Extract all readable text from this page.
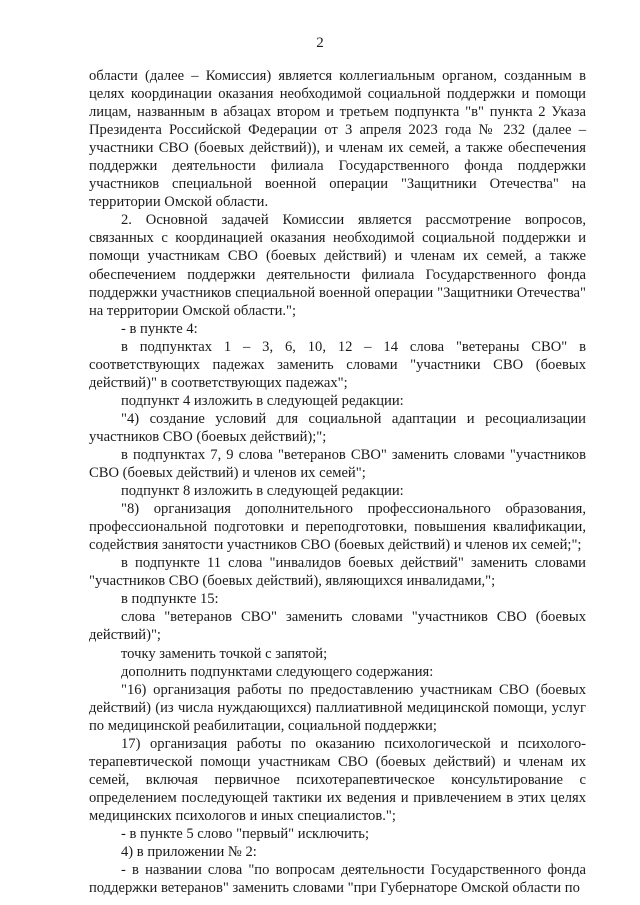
2

области (далее – Комиссия) является коллегиальным органом, созданным в целях координации оказания необходимой социальной поддержки и помощи лицам, названным в абзацах втором и третьем подпункта "в" пункта 2 Указа Президента Российской Федерации от 3 апреля 2023 года № 232 (далее – участники СВО (боевых действий)), и членам их семей, а также обеспечения поддержки деятельности филиала Государственного фонда поддержки участников специальной военной операции "Защитники Отечества" на территории Омской области.

2. Основной задачей Комиссии является рассмотрение вопросов, связанных с координацией оказания необходимой социальной поддержки и помощи участникам СВО (боевых действий) и членам их семей, а также обеспечением поддержки деятельности филиала Государственного фонда поддержки участников специальной военной операции "Защитники Отечества" на территории Омской области.";

- в пункте 4:

в подпунктах 1 – 3, 6, 10, 12 – 14 слова "ветераны СВО" в соответствующих падежах заменить словами "участники СВО (боевых действий)" в соответствующих падежах";

подпункт 4 изложить в следующей редакции:

"4) создание условий для социальной адаптации и ресоциализации участников СВО (боевых действий);";

в подпунктах 7, 9 слова "ветеранов СВО" заменить словами "участников СВО (боевых действий) и членов их семей";

подпункт 8 изложить в следующей редакции:

"8) организация дополнительного профессионального образования, профессиональной подготовки и переподготовки, повышения квалификации, содействия занятости участников СВО (боевых действий) и членов их семей;";

в подпункте 11 слова "инвалидов боевых действий" заменить словами "участников СВО (боевых действий), являющихся инвалидами,";

в подпункте 15:

слова "ветеранов СВО" заменить словами "участников СВО (боевых действий)";

точку заменить точкой с запятой;

дополнить подпунктами следующего содержания:

"16) организация работы по предоставлению участникам СВО (боевых действий) (из числа нуждающихся) паллиативной медицинской помощи, услуг по медицинской реабилитации, социальной поддержки;

17) организация работы по оказанию психологической и психолого-терапевтической помощи участникам СВО (боевых действий) и членам их семей, включая первичное психотерапевтическое консультирование с определением последующей тактики их ведения и привлечением в этих целях медицинских психологов и иных специалистов.";

- в пункте 5 слово "первый" исключить;

4) в приложении № 2:

- в названии слова "по вопросам деятельности Государственного фонда поддержки ветеранов" заменить словами "при Губернаторе Омской области по
